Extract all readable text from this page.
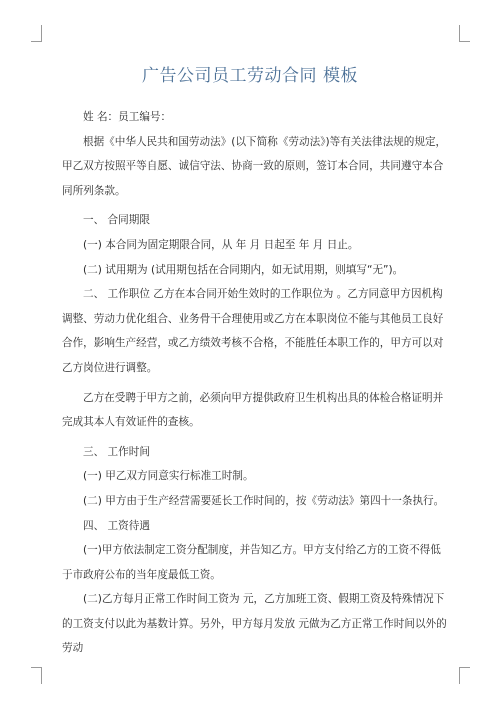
广告公司员工劳动合同 模板

姓 名：员工编号：

根据《中华人民共和国劳动法》(以下简称《劳动法》)等有关法律法规的规定，甲乙双方按照平等自愿、诚信守法、协商一致的原则，签订本合同，共同遵守本合同所列条款。

一、 合同期限

(一) 本合同为固定期限合同，从 年 月 日起至 年 月 日止。

(二) 试用期为 (试用期包括在合同期内，如无试用期，则填写“无”)。

二、 工作职位 乙方在本合同开始生效时的工作职位为 。乙方同意甲方因机构调整、劳动力优化组合、业务骨干合理使用或乙方在本职岗位不能与其他员工良好合作，影响生产经营，或乙方绩效考核不合格，不能胜任本职工作的，甲方可以对乙方岗位进行调整。

乙方在受聘于甲方之前，必须向甲方提供政府卫生机构出具的体检合格证明并完成其本人有效证件的查核。

三、 工作时间

(一) 甲乙双方同意实行标准工时制。

(二) 甲方由于生产经营需要延长工作时间的，按《劳动法》第四十一条执行。

四、 工资待遇

(一)甲方依法制定工资分配制度，并告知乙方。甲方支付给乙方的工资不得低于市政府公布的当年度最低工资。

(二)乙方每月正常工作时间工资为 元，乙方加班工资、假期工资及特殊情况下的工资支付以此为基数计算。另外，甲方每月发放 元做为乙方正常工作时间以外的劳动
